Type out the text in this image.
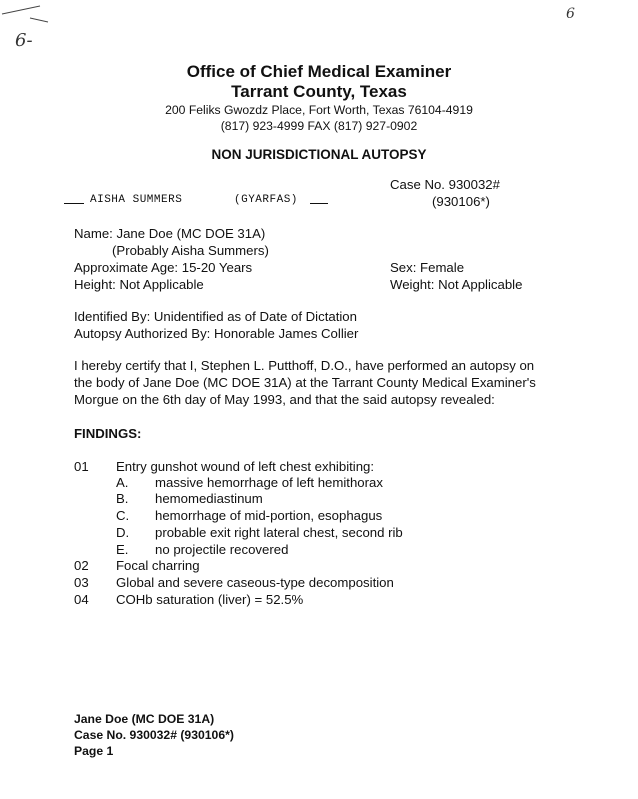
6-
6
Office of Chief Medical Examiner
Tarrant County, Texas
200 Feliks Gwozdz Place, Fort Worth, Texas 76104-4919
(817) 923-4999 FAX (817) 927-0902
NON JURISDICTIONAL AUTOPSY
Case No. 930032#
(930106*)
AISHA SUMMERS	(GYARFAS)
Name: Jane Doe (MC DOE 31A)
(Probably Aisha Summers)
Approximate Age: 15-20 Years
Height: Not Applicable
Sex: Female
Weight: Not Applicable
Identified By: Unidentified as of Date of Dictation
Autopsy Authorized By: Honorable James Collier
I hereby certify that I, Stephen L. Putthoff, D.O., have performed an autopsy on
the body of Jane Doe (MC DOE 31A) at the Tarrant County Medical Examiner's
Morgue on the 6th day of May 1993, and that the said autopsy revealed:
FINDINGS:
01 Entry gunshot wound of left chest exhibiting:
A. massive hemorrhage of left hemithorax
B. hemomediastinum
C. hemorrhage of mid-portion, esophagus
D. probable exit right lateral chest, second rib
E. no projectile recovered
02 Focal charring
03 Global and severe caseous-type decomposition
04 COHb saturation (liver) = 52.5%
Jane Doe (MC DOE 31A)
Case No. 930032# (930106*)
Page 1
